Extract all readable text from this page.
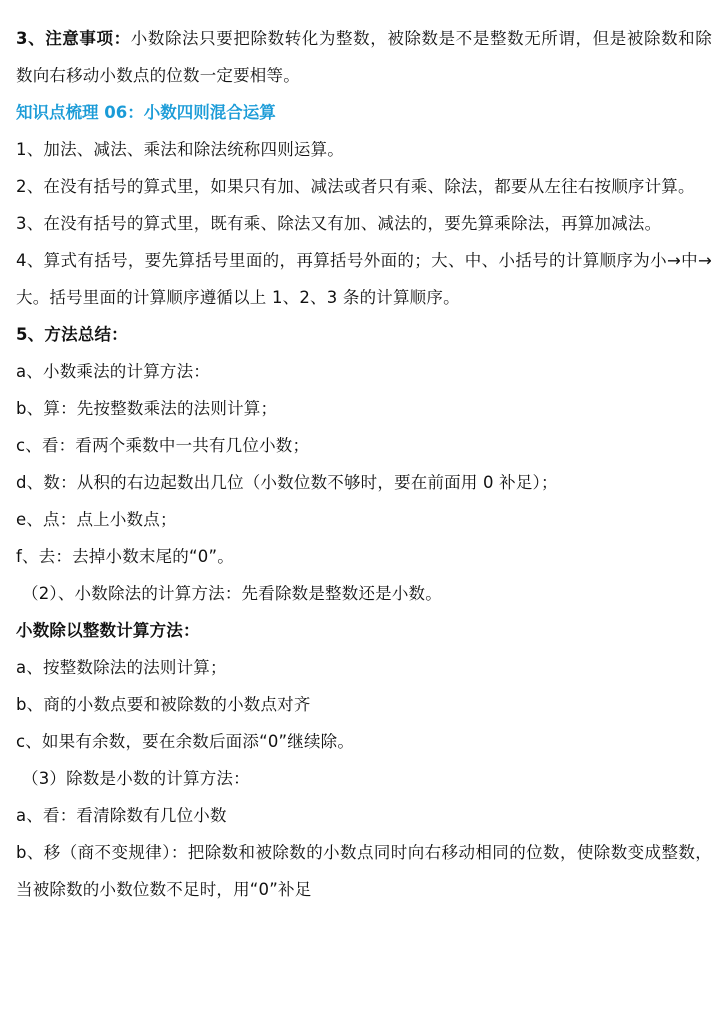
3、注意事项：小数除法只要把除数转化为整数，被除数是不是整数无所谓，但是被除数和除数向右移动小数点的位数一定要相等。
知识点梳理 06：小数四则混合运算
1、加法、减法、乘法和除法统称四则运算。
2、在没有括号的算式里，如果只有加、减法或者只有乘、除法，都要从左往右按顺序计算。
3、在没有括号的算式里，既有乘、除法又有加、减法的，要先算乘除法，再算加减法。
4、算式有括号，要先算括号里面的，再算括号外面的；大、中、小括号的计算顺序为小→中→大。括号里面的计算顺序遵循以上 1、2、3 条的计算顺序。
5、方法总结：
a、小数乘法的计算方法：
b、算：先按整数乘法的法则计算；
c、看：看两个乘数中一共有几位小数；
d、数：从积的右边起数出几位（小数位数不够时，要在前面用 0 补足）；
e、点：点上小数点；
f、去：去掉小数末尾的“0”。
（2）、小数除法的计算方法：先看除数是整数还是小数。
小数除以整数计算方法：
a、按整数除法的法则计算；
b、商的小数点要和被除数的小数点对齐
c、如果有余数，要在余数后面添“0”继续除。
（3）除数是小数的计算方法：
a、看：看清除数有几位小数
b、移（商不变规律）：把除数和被除数的小数点同时向右移动相同的位数，使除数变成整数，当被除数的小数位数不足时，用“0”补足
